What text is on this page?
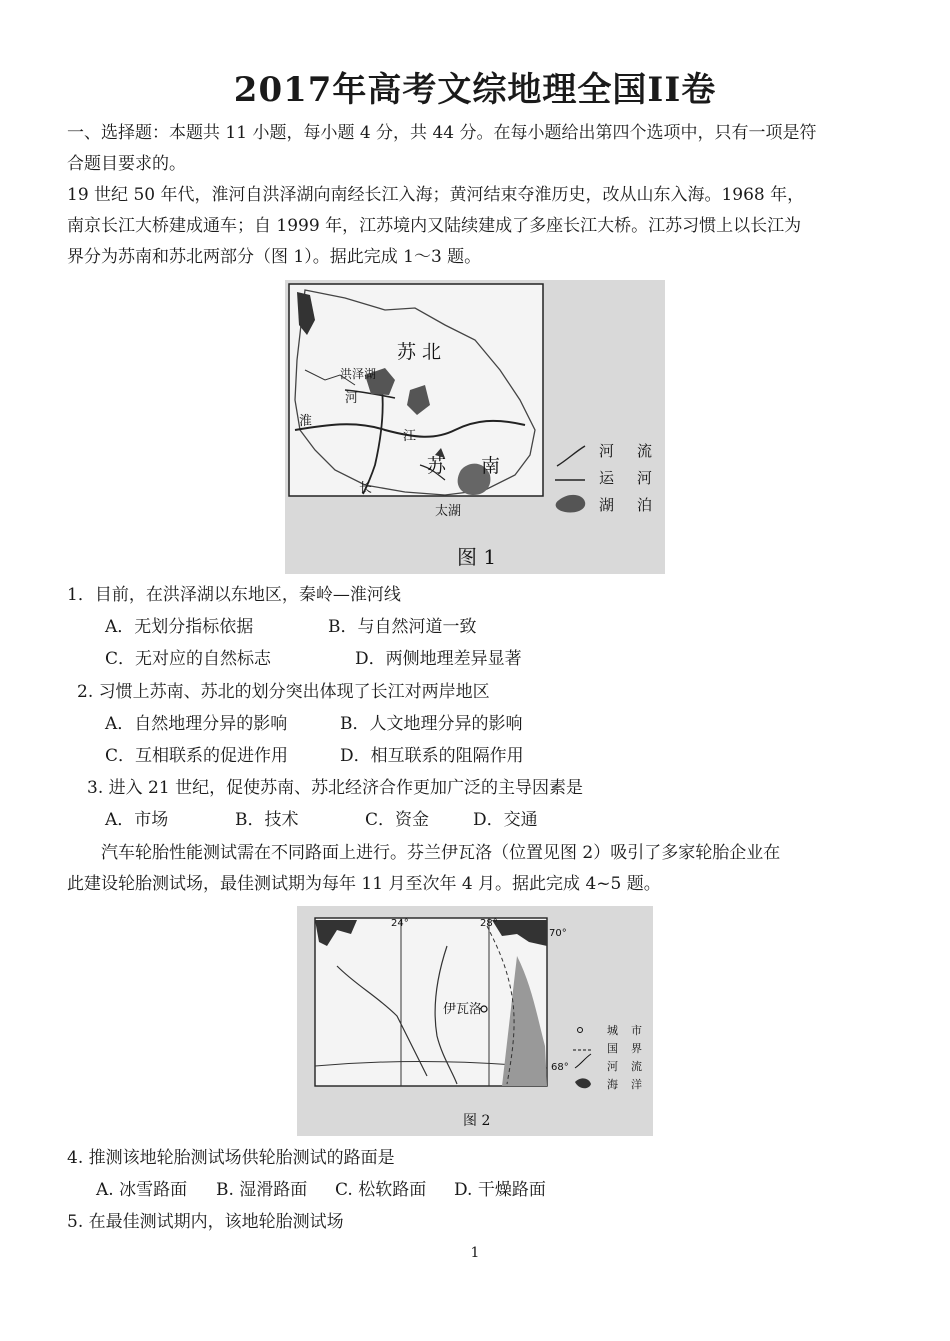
2017年高考文综地理全国II卷
一、选择题：本题共 11 小题，每小题 4 分，共 44 分。在每小题给出第四个选项中，只有一项是符
合题目要求的。
19 世纪 50 年代，淮河自洪泽湖向南经长江入海；黄河结束夺淮历史，改从山东入海。1968 年，
南京长江大桥建成通车；自 1999 年，江苏境内又陆续建成了多座长江大桥。江苏习惯上以长江为
界分为苏南和苏北两部分（图 1）。据此完成 1～3 题。
苏 北
洪泽湖
河
淮
江
苏 南
长
太湖
河 流
运 河
湖 泊
图 1
1．目前，在洪泽湖以东地区，秦岭—淮河线
A．无划分指标依据	B．与自然河道一致
C．无对应的自然标志	D．两侧地理差异显著
2. 习惯上苏南、苏北的划分突出体现了长江对两岸地区
A．自然地理分异的影响	B．人文地理分异的影响
C．互相联系的促进作用	D．相互联系的阻隔作用
3. 进入 21 世纪，促使苏南、苏北经济合作更加广泛的主导因素是
A．市场	B．技术	C．资金	D．交通
汽车轮胎性能测试需在不同路面上进行。芬兰伊瓦洛（位置见图 2）吸引了多家轮胎企业在
此建设轮胎测试场，最佳测试期为每年 11 月至次年 4 月。据此完成 4~5 题。
伊瓦洛
24°	28°
70°
68°
城 市
国 界
河 流
海 洋
图 2
4. 推测该地轮胎测试场供轮胎测试的路面是
A. 冰雪路面 B. 湿滑路面 C. 松软路面 D. 干燥路面
5. 在最佳测试期内，该地轮胎测试场
1
